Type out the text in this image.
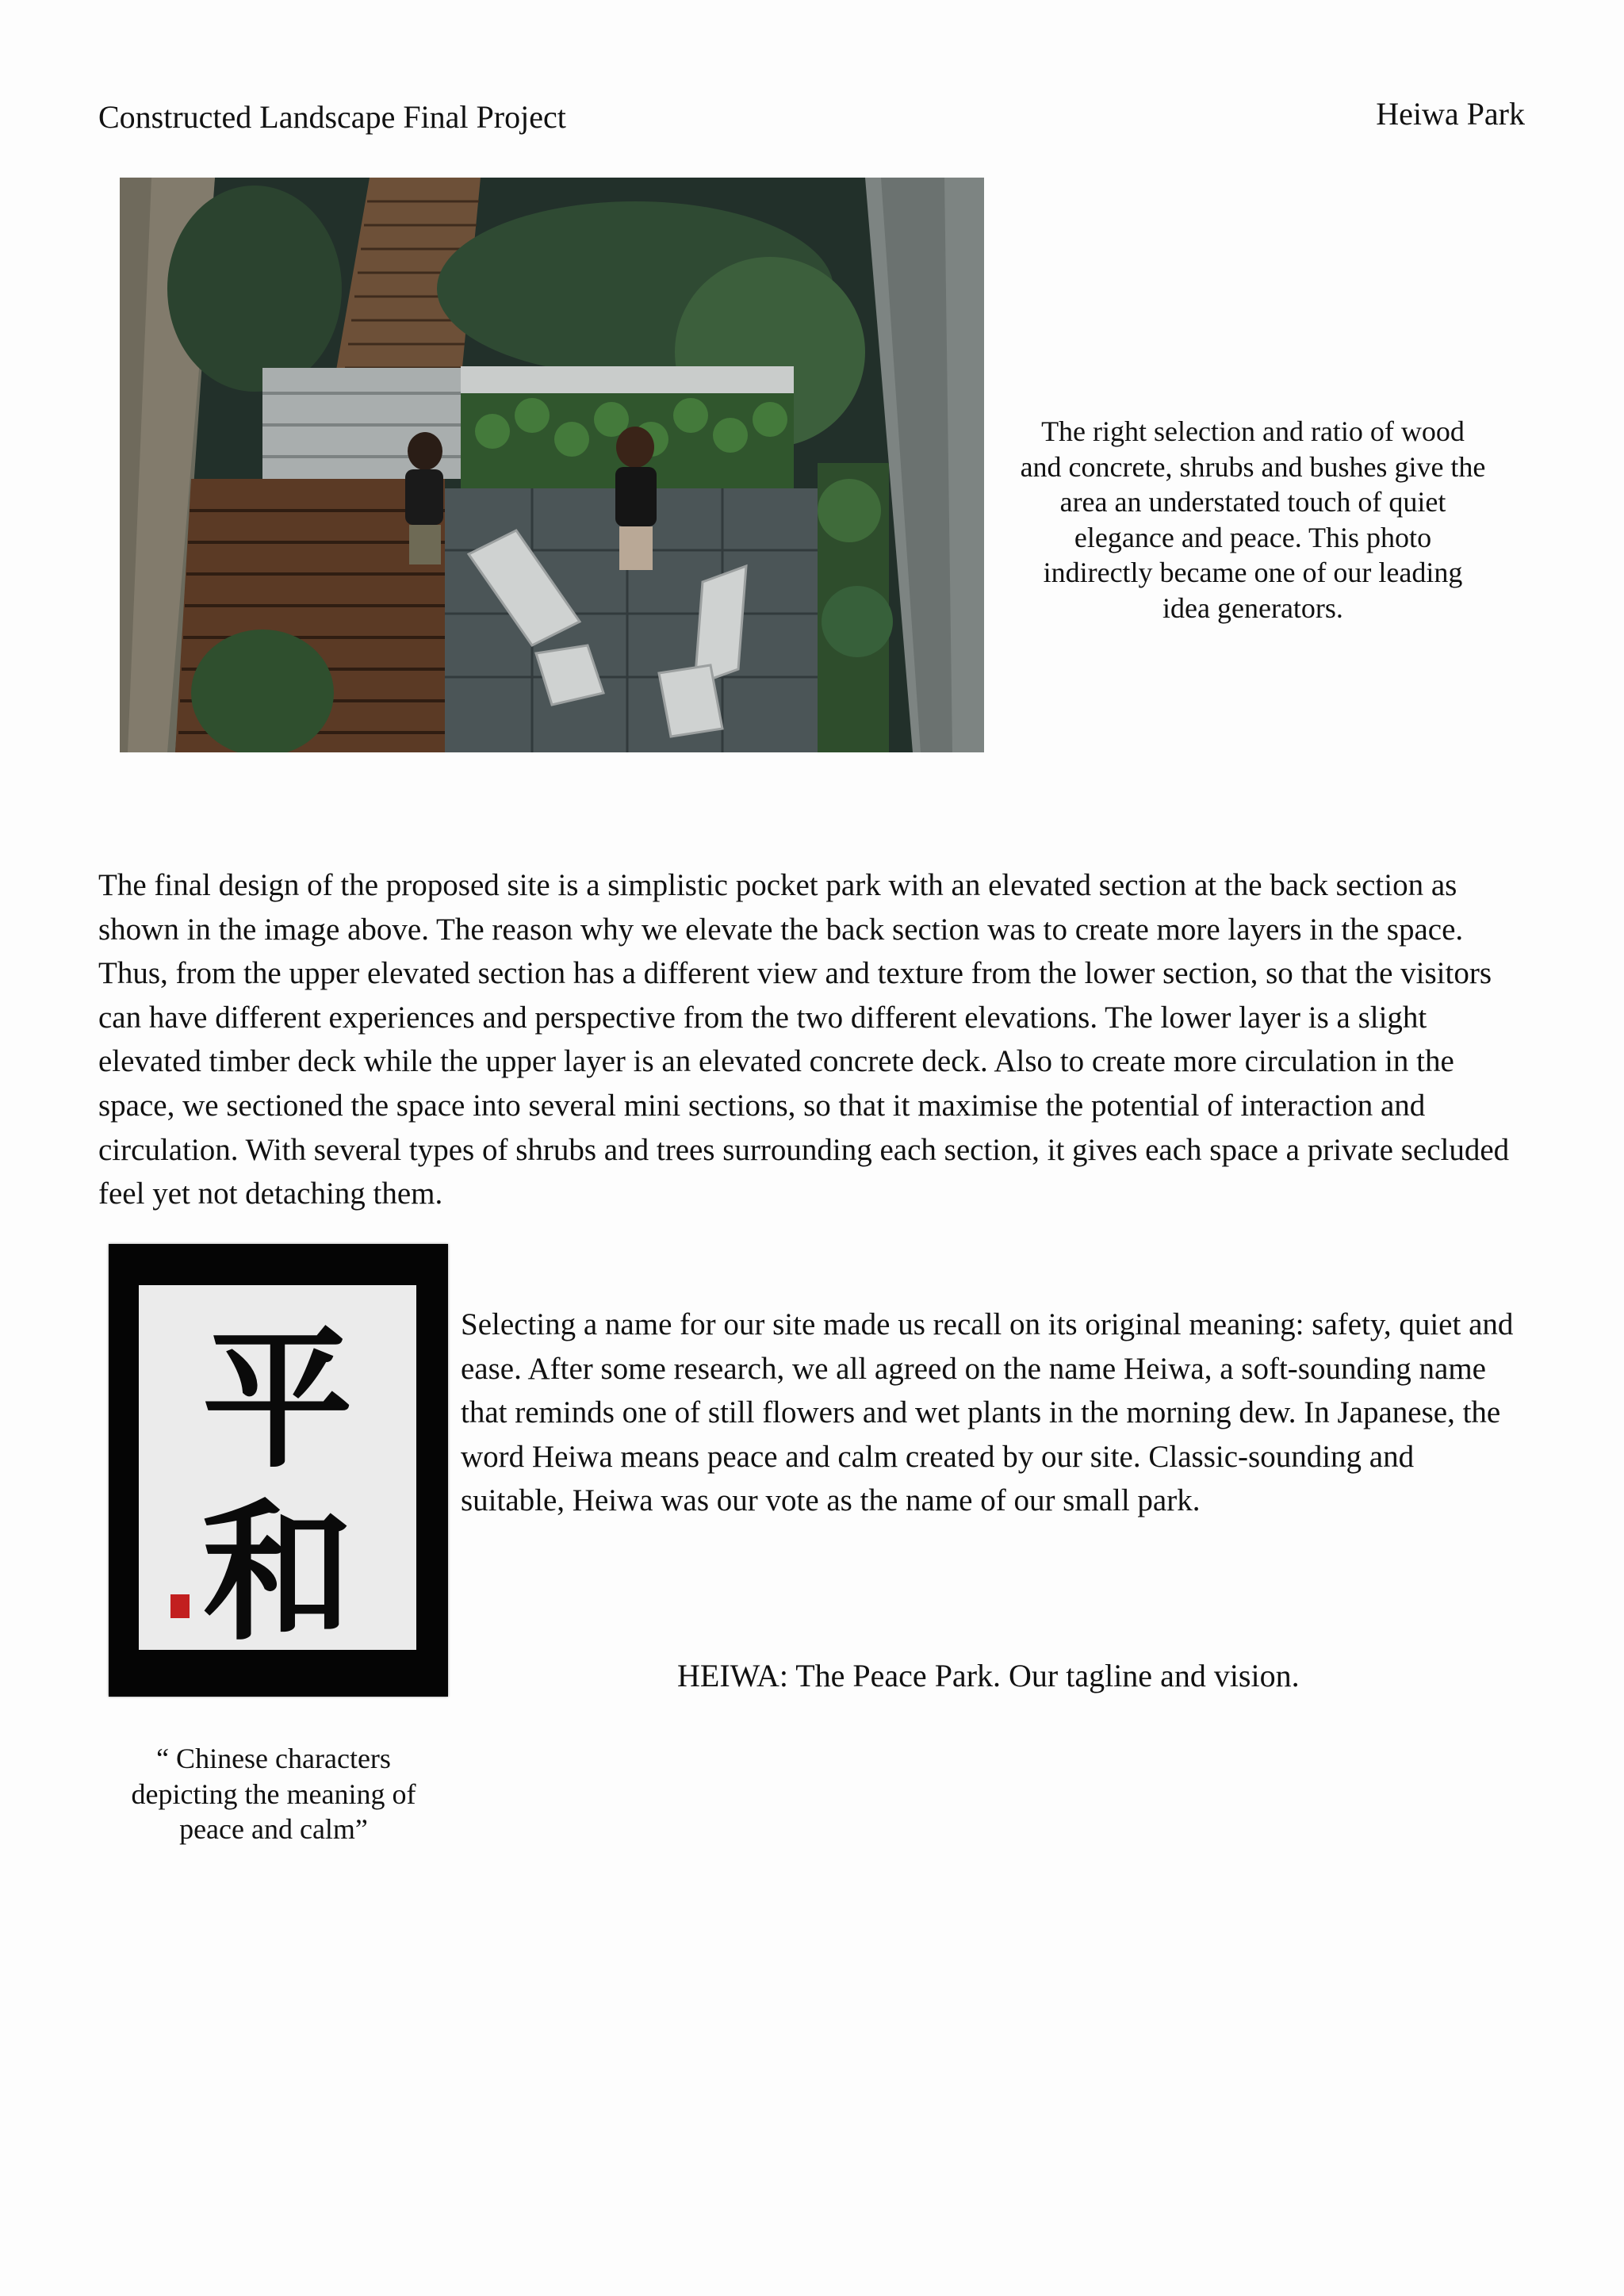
Constructed Landscape Final Project	Heiwa Park
The right selection and ratio of wood and concrete, shrubs and bushes give the area an understated touch of quiet elegance and peace. This photo indirectly became one of our leading idea generators.
The final design of the proposed site is a simplistic pocket park with an elevated section at the back section as shown in the image above. The reason why we elevate the back section was to create more layers in the space. Thus, from the upper elevated section has a different view and texture from the lower section, so that the visitors can have different experiences and perspective from the two different elevations. The lower layer is a slight elevated timber deck while the upper layer is an elevated concrete deck. Also to create more circulation in the space, we sectioned the space into several mini sections, so that it maximise the potential of interaction and circulation. With several types of shrubs and trees surrounding each section, it gives each space a private secluded feel yet not detaching them.
平
和
“ Chinese characters depicting the meaning of peace and calm”
Selecting a name for our site made us recall on its original meaning: safety, quiet and ease. After some research, we all agreed on the name Heiwa, a soft-sounding name that reminds one of still flowers and wet plants in the morning dew. In Japanese, the word Heiwa means peace and calm created by our site. Classic-sounding and suitable, Heiwa was our vote as the name of our small park.
HEIWA: The Peace Park. Our tagline and vision.
